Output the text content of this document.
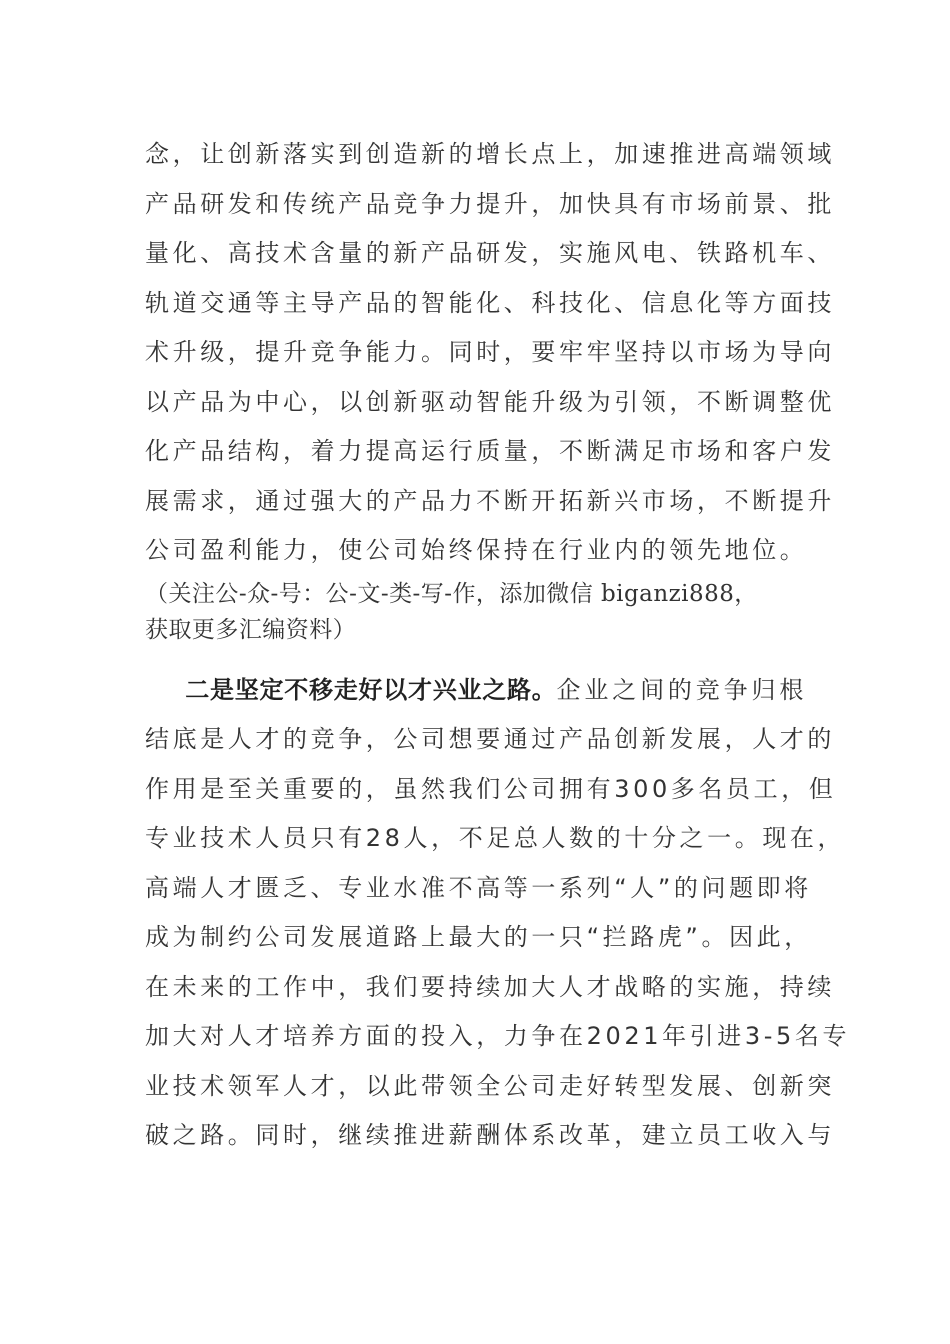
念，让创新落实到创造新的增长点上，加速推进高端领域
产品研发和传统产品竞争力提升，加快具有市场前景、批
量化、高技术含量的新产品研发，实施风电、铁路机车、
轨道交通等主导产品的智能化、科技化、信息化等方面技
术升级，提升竞争能力。同时，要牢牢坚持以市场为导向
以产品为中心，以创新驱动智能升级为引领，不断调整优
化产品结构，着力提高运行质量，不断满足市场和客户发
展需求，通过强大的产品力不断开拓新兴市场，不断提升
公司盈利能力，使公司始终保持在行业内的领先地位。
（关注公-众-号：公-文-类-写-作，添加微信 biganzi888，
获取更多汇编资料）
二是坚定不移走好以才兴业之路。企业之间的竞争归根
结底是人才的竞争，公司想要通过产品创新发展，人才的
作用是至关重要的，虽然我们公司拥有300多名员工，但
专业技术人员只有28人，不足总人数的十分之一。现在，
高端人才匮乏、专业水准不高等一系列“人”的问题即将
成为制约公司发展道路上最大的一只“拦路虎”。因此，
在未来的工作中，我们要持续加大人才战略的实施，持续
加大对人才培养方面的投入，力争在2021年引进3-5名专
业技术领军人才，以此带领全公司走好转型发展、创新突
破之路。同时，继续推进薪酬体系改革，建立员工收入与
